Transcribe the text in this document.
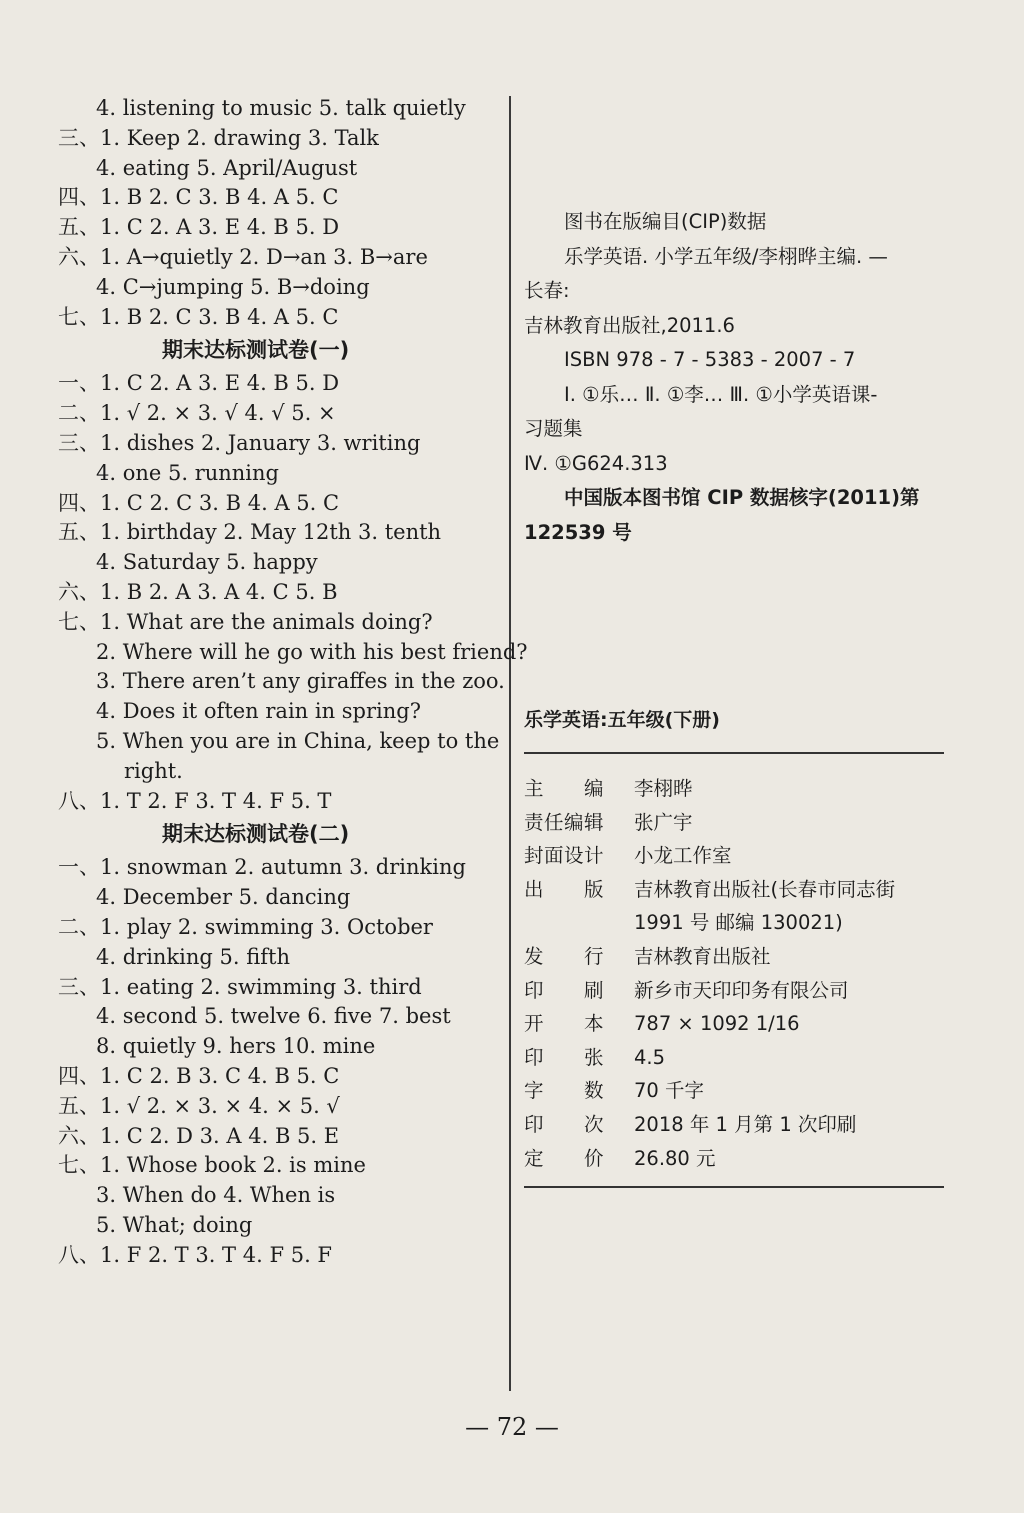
4. listening to music 5. talk quietly
三、1. Keep 2. drawing 3. Talk
4. eating 5. April/August
四、1. B 2. C 3. B 4. A 5. C
五、1. C 2. A 3. E 4. B 5. D
六、1. A→quietly 2. D→an 3. B→are
4. C→jumping 5. B→doing
七、1. B 2. C 3. B 4. A 5. C
期末达标测试卷(一)
一、1. C 2. A 3. E 4. B 5. D
二、1. √ 2. × 3. √ 4. √ 5. ×
三、1. dishes 2. January 3. writing
4. one 5. running
四、1. C 2. C 3. B 4. A 5. C
五、1. birthday 2. May 12th 3. tenth
4. Saturday 5. happy
六、1. B 2. A 3. A 4. C 5. B
七、1. What are the animals doing?
2. Where will he go with his best friend?
3. There aren’t any giraffes in the zoo.
4. Does it often rain in spring?
5. When you are in China, keep to the
right.
八、1. T 2. F 3. T 4. F 5. T
期末达标测试卷(二)
一、1. snowman 2. autumn 3. drinking
4. December 5. dancing
二、1. play 2. swimming 3. October
4. drinking 5. fifth
三、1. eating 2. swimming 3. third
4. second 5. twelve 6. five 7. best
8. quietly 9. hers 10. mine
四、1. C 2. B 3. C 4. B 5. C
五、1. √ 2. × 3. × 4. × 5. √
六、1. C 2. D 3. A 4. B 5. E
七、1. Whose book 2. is mine
3. When do 4. When is
5. What; doing
八、1. F 2. T 3. T 4. F 5. F
图书在版编目(CIP)数据
乐学英语. 小学五年级/李栩晔主编. —
长春:
吉林教育出版社,2011.6
ISBN 978 - 7 - 5383 - 2007 - 7
Ⅰ. ①乐… Ⅱ. ①李… Ⅲ. ①小学英语课-
习题集
Ⅳ. ①G624.313
中国版本图书馆 CIP 数据核字(2011)第
122539 号
乐学英语:五年级(下册)
主　　编	李栩晔
责任编辑	张广宇
封面设计	小龙工作室
出　　版	吉林教育出版社(长春市同志街
1991 号 邮编 130021)
发　　行	吉林教育出版社
印　　刷	新乡市天印印务有限公司
开　　本	787 × 1092 1/16
印　　张	4.5
字　　数	70 千字
印　　次	2018 年 1 月第 1 次印刷
定　　价	26.80 元
— 72 —
